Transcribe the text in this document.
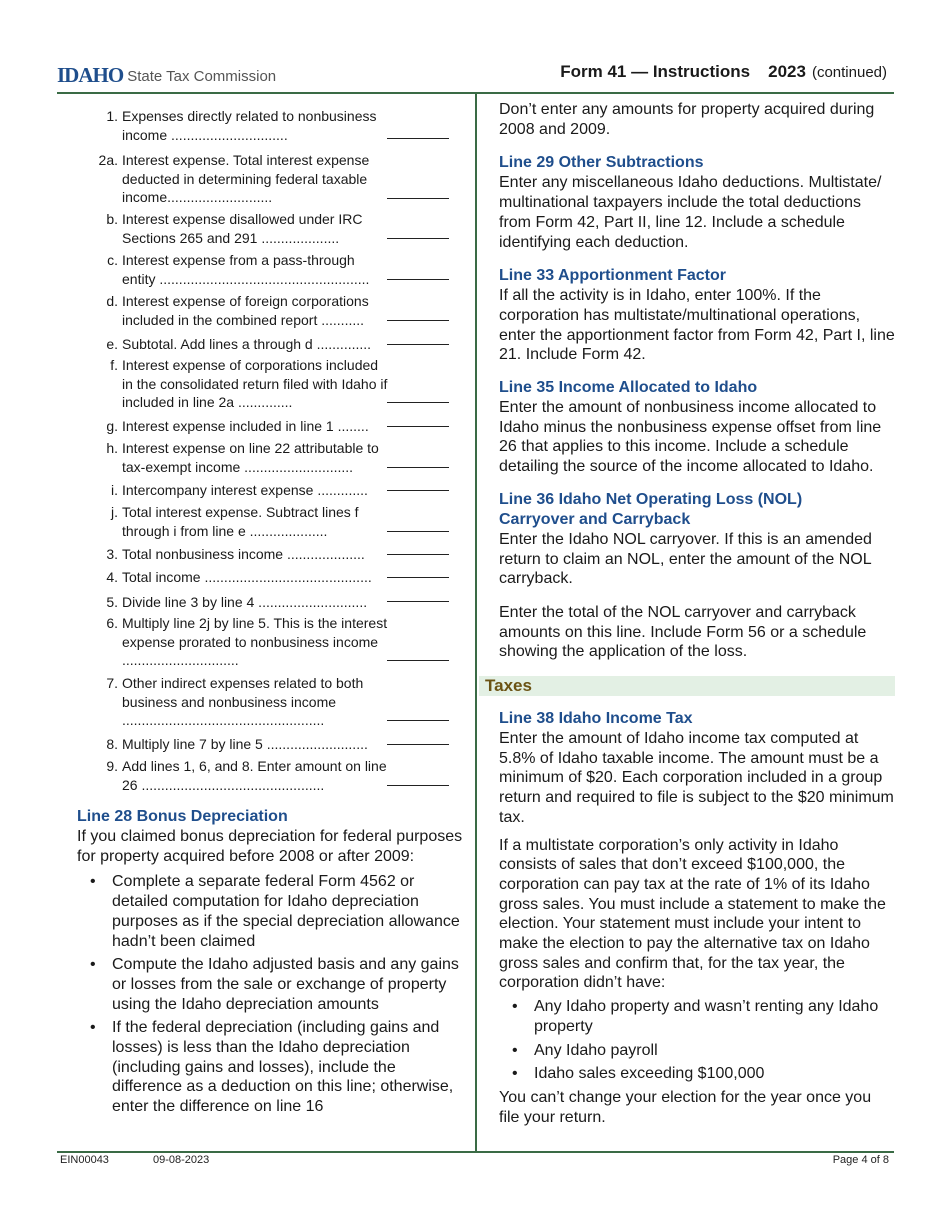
IDAHO State Tax Commission	Form 41 — Instructions 2023 (continued)
1. Expenses directly related to nonbusiness income ..............................
2a. Interest expense. Total interest expense deducted in determining federal taxable income...........................
b. Interest expense disallowed under IRC Sections 265 and 291 ....................
c. Interest expense from a pass-through entity ......................................................
d. Interest expense of foreign corporations included in the combined report ...........
e. Subtotal. Add lines a through d ..............
f. Interest expense of corporations included in the consolidated return filed with Idaho if included in line 2a ..............
g. Interest expense included in line 1 ........
h. Interest expense on line 22 attributable to tax-exempt income ............................
i. Intercompany interest expense .............
j. Total interest expense. Subtract lines f through i from line e ....................
3. Total nonbusiness income ....................
4. Total income ...........................................
5. Divide line 3 by line 4 ............................
6. Multiply line 2j by line 5. This is the interest expense prorated to nonbusiness income ..............................
7. Other indirect expenses related to both business and nonbusiness income ....................................................
8. Multiply line 7 by line 5 ..........................
9. Add lines 1, 6, and 8. Enter amount on line 26 ...............................................
Line 28 Bonus Depreciation
If you claimed bonus depreciation for federal purposes for property acquired before 2008 or after 2009:
• Complete a separate federal Form 4562 or detailed computation for Idaho depreciation purposes as if the special depreciation allowance hadn’t been claimed
• Compute the Idaho adjusted basis and any gains or losses from the sale or exchange of property using the Idaho depreciation amounts
• If the federal depreciation (including gains and losses) is less than the Idaho depreciation (including gains and losses), include the difference as a deduction on this line; otherwise, enter the difference on line 16
Don’t enter any amounts for property acquired during 2008 and 2009.
Line 29 Other Subtractions
Enter any miscellaneous Idaho deductions. Multistate/ multinational taxpayers include the total deductions from Form 42, Part II, line 12. Include a schedule identifying each deduction.
Line 33 Apportionment Factor
If all the activity is in Idaho, enter 100%. If the corporation has multistate/multinational operations, enter the apportionment factor from Form 42, Part I, line 21. Include Form 42.
Line 35 Income Allocated to Idaho
Enter the amount of nonbusiness income allocated to Idaho minus the nonbusiness expense offset from line 26 that applies to this income. Include a schedule detailing the source of the income allocated to Idaho.
Line 36 Idaho Net Operating Loss (NOL)
Carryover and Carryback
Enter the Idaho NOL carryover. If this is an amended return to claim an NOL, enter the amount of the NOL carryback.
Enter the total of the NOL carryover and carryback amounts on this line. Include Form 56 or a schedule showing the application of the loss.
Taxes
Line 38 Idaho Income Tax
Enter the amount of Idaho income tax computed at 5.8% of Idaho taxable income. The amount must be a minimum of $20. Each corporation included in a group return and required to file is subject to the $20 minimum tax.
If a multistate corporation’s only activity in Idaho consists of sales that don’t exceed $100,000, the corporation can pay tax at the rate of 1% of its Idaho gross sales. You must include a statement to make the election. Your statement must include your intent to make the election to pay the alternative tax on Idaho gross sales and confirm that, for the tax year, the corporation didn’t have:
• Any Idaho property and wasn’t renting any Idaho property
• Any Idaho payroll
• Idaho sales exceeding $100,000
You can’t change your election for the year once you file your return.
EIN00043	09-08-2023	Page 4 of 8
